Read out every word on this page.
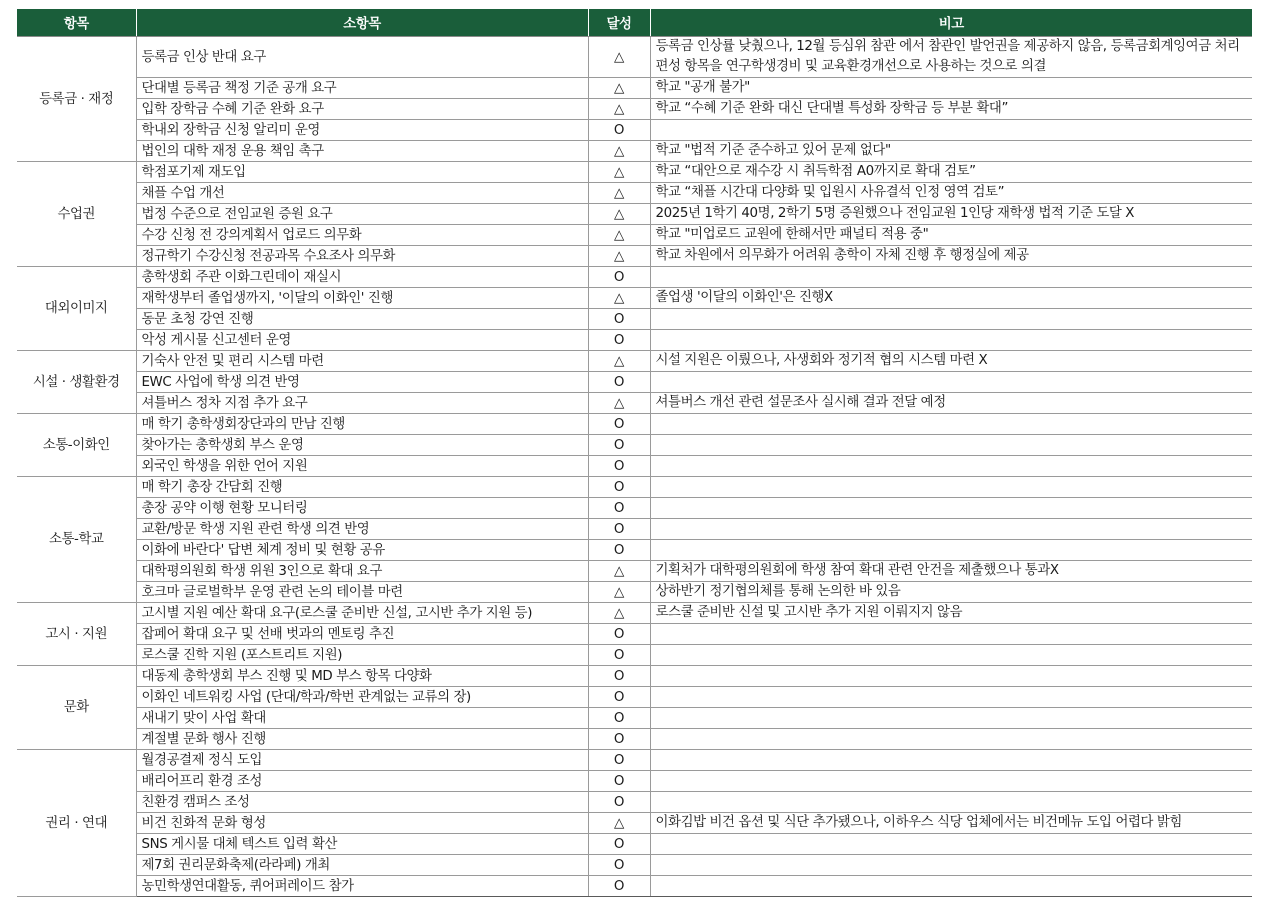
항목	소항목	달성	비고
등록금 · 재정	등록금 인상 반대 요구	△	등록금 인상률 낮췄으나, 12월 등심위 참관 에서 참관인 발언권을 제공하지 않음, 등록금회계잉여금 처리 편성 항목을 연구학생경비 및 교육환경개선으로 사용하는 것으로 의결
	단대별 등록금 책정 기준 공개 요구	△	학교 "공개 불가"
	입학 장학금 수혜 기준 완화 요구	△	학교 “수혜 기준 완화 대신 단대별 특성화 장학금 등 부분 확대”
	학내외 장학금 신청 알리미 운영	O	
	법인의 대학 재정 운용 책임 촉구	△	학교 "법적 기준 준수하고 있어 문제 없다"
수업권	학점포기제 재도입	△	학교 “대안으로 재수강 시 취득학점 A0까지로 확대 검토”
	채플 수업 개선	△	학교 “채플 시간대 다양화 및 입원시 사유결석 인정 영역 검토”
	법정 수준으로 전임교원 증원 요구	△	2025년 1학기 40명, 2학기 5명 증원했으나 전임교원 1인당 재학생 법적 기준 도달 X
	수강 신청 전 강의계획서 업로드 의무화	△	학교 "미업로드 교원에 한해서만 패널티 적용 중"
	정규학기 수강신청 전공과목 수요조사 의무화	△	학교 차원에서 의무화가 어려워 총학이 자체 진행 후 행정실에 제공
대외이미지	총학생회 주관 이화그린데이 재실시	O	
	재학생부터 졸업생까지, '이달의 이화인' 진행	△	졸업생 '이달의 이화인'은 진행X
	동문 초청 강연 진행	O	
	악성 게시물 신고센터 운영	O	
시설 · 생활환경	기숙사 안전 및 편리 시스템 마련	△	시설 지원은 이뤘으나, 사생회와 정기적 협의 시스템 마련 X
	EWC 사업에 학생 의견 반영	O	
	셔틀버스 정차 지점 추가 요구	△	셔틀버스 개선 관련 설문조사 실시해 결과 전달 예정
소통-이화인	매 학기 총학생회장단과의 만남 진행	O	
	찾아가는 총학생회 부스 운영	O	
	외국인 학생을 위한 언어 지원	O	
소통-학교	매 학기 총장 간담회 진행	O	
	총장 공약 이행 현황 모니터링	O	
	교환/방문 학생 지원 관련 학생 의견 반영	O	
	이화에 바란다' 답변 체계 정비 및 현황 공유	O	
	대학평의원회 학생 위원 3인으로 확대 요구	△	기획처가 대학평의원회에 학생 참여 확대 관련 안건을 제출했으나 통과X
	호크마 글로벌학부 운영 관련 논의 테이블 마련	△	상하반기 정기협의체를 통해 논의한 바 있음
고시 · 지원	고시별 지원 예산 확대 요구(로스쿨 준비반 신설, 고시반 추가 지원 등)	△	로스쿨 준비반 신설 및 고시반 추가 지원 이뤄지지 않음
	잡페어 확대 요구 및 선배 벗과의 멘토링 추진	O	
	로스쿨 진학 지원 (포스트리트 지원)	O	
문화	대동제 총학생회 부스 진행 및 MD 부스 항목 다양화	O	
	이화인 네트워킹 사업 (단대/학과/학번 관계없는 교류의 장)	O	
	새내기 맞이 사업 확대	O	
	계절별 문화 행사 진행	O	
권리 · 연대	월경공결제 정식 도입	O	
	배리어프리 환경 조성	O	
	친환경 캠퍼스 조성	O	
	비건 친화적 문화 형성	△	이화김밥 비건 옵션 및 식단 추가됐으나, 이하우스 식당 업체에서는 비건메뉴 도입 어렵다 밝힘
	SNS 게시물 대체 텍스트 입력 확산	O	
	제7회 권리문화축제(라라페) 개최	O	
	농민학생연대활동, 퀴어퍼레이드 참가	O	
